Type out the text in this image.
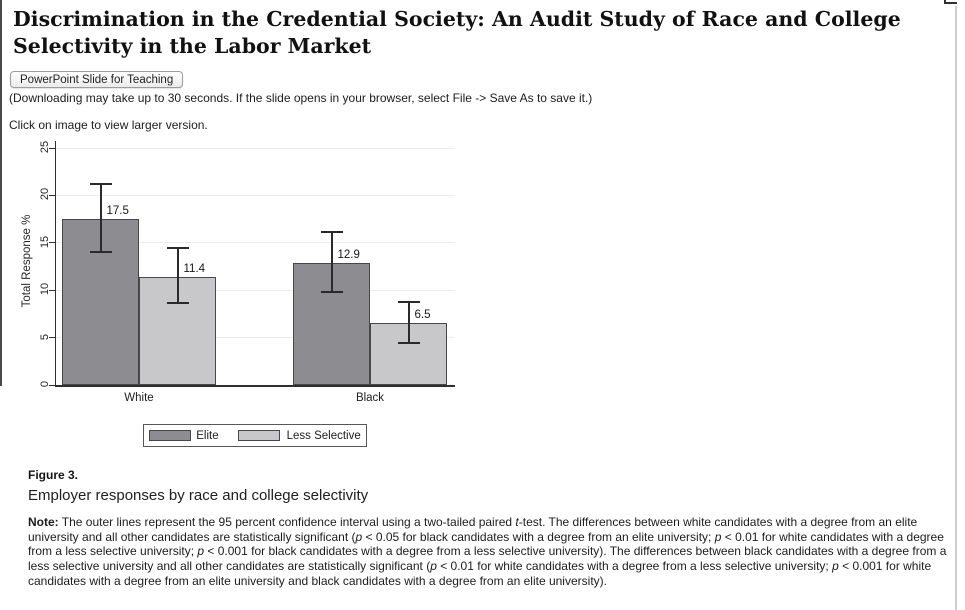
Discrimination in the Credential Society: An Audit Study of Race and College Selectivity in the Labor Market
PowerPoint Slide for Teaching
(Downloading may take up to 30 seconds. If the slide opens in your browser, select File -> Save As to save it.)
Click on image to view larger version.
0
5
10
15
20
25
Total Response %
17.5
11.4
12.9
6.5
White	Black
Elite	Less Selective
Figure 3.
Employer responses by race and college selectivity
Note: The outer lines represent the 95 percent confidence interval using a two-tailed paired t-test. The differences between white candidates with a degree from an elite university and all other candidates are statistically significant (p < 0.05 for black candidates with a degree from an elite university; p < 0.01 for white candidates with a degree from a less selective university; p < 0.001 for black candidates with a degree from a less selective university). The differences between black candidates with a degree from a less selective university and all other candidates are statistically significant (p < 0.01 for white candidates with a degree from a less selective university; p < 0.001 for white candidates with a degree from an elite university and black candidates with a degree from an elite university).
